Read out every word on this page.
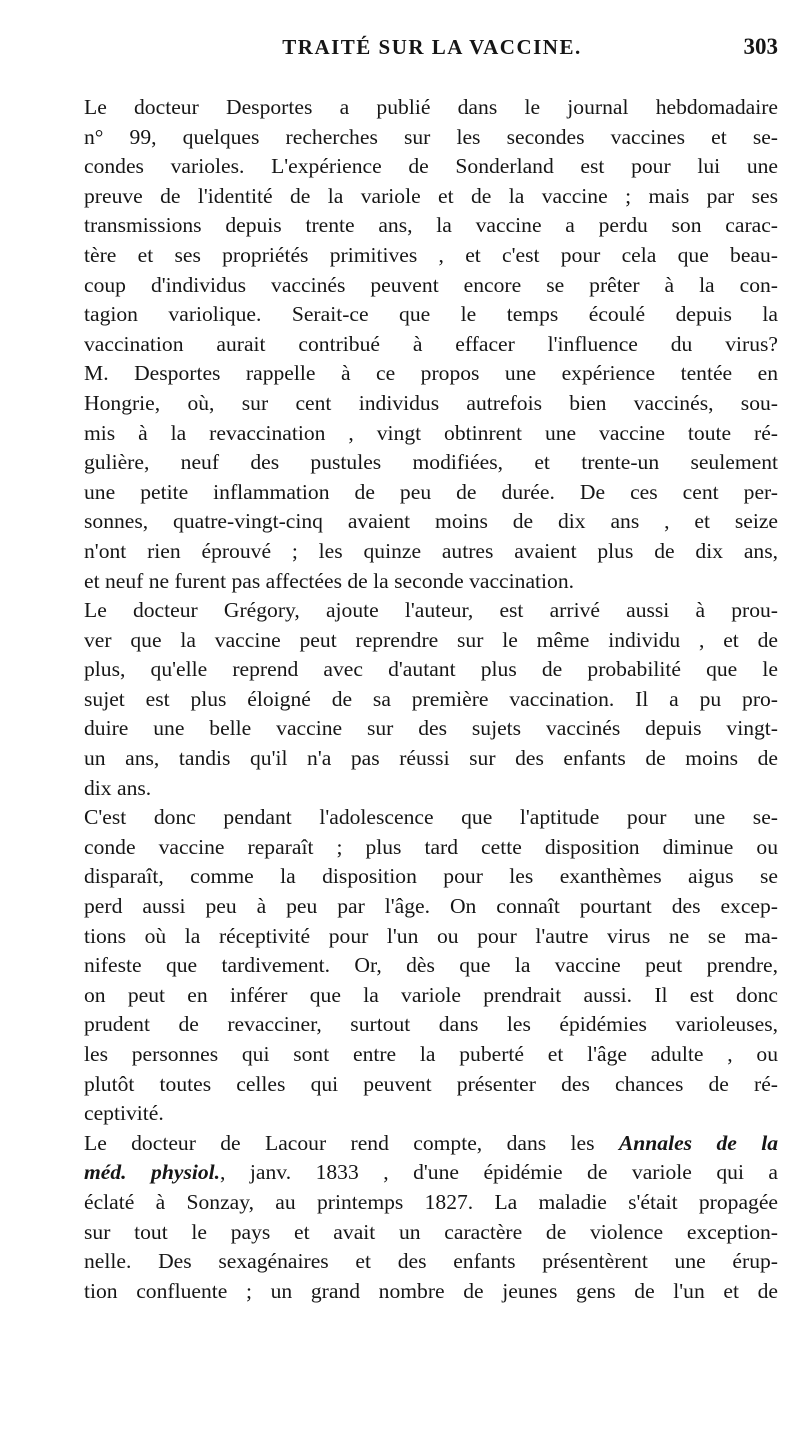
TRAITÉ SUR LA VACCINE.	303
Le docteur Desportes a publié dans le journal hebdomadaire
n° 99, quelques recherches sur les secondes vaccines et se-
condes varioles. L'expérience de Sonderland est pour lui une
preuve de l'identité de la variole et de la vaccine ; mais par ses
transmissions depuis trente ans, la vaccine a perdu son carac-
tère et ses propriétés primitives , et c'est pour cela que beau-
coup d'individus vaccinés peuvent encore se prêter à la con-
tagion variolique. Serait-ce que le temps écoulé depuis la
vaccination aurait contribué à effacer l'influence du virus?
M. Desportes rappelle à ce propos une expérience tentée en
Hongrie, où, sur cent individus autrefois bien vaccinés, sou-
mis à la revaccination , vingt obtinrent une vaccine toute ré-
gulière, neuf des pustules modifiées, et trente-un seulement
une petite inflammation de peu de durée. De ces cent per-
sonnes, quatre-vingt-cinq avaient moins de dix ans , et seize
n'ont rien éprouvé ; les quinze autres avaient plus de dix ans,
et neuf ne furent pas affectées de la seconde vaccination.
Le docteur Grégory, ajoute l'auteur, est arrivé aussi à prou-
ver que la vaccine peut reprendre sur le même individu , et de
plus, qu'elle reprend avec d'autant plus de probabilité que le
sujet est plus éloigné de sa première vaccination. Il a pu pro-
duire une belle vaccine sur des sujets vaccinés depuis vingt-
un ans, tandis qu'il n'a pas réussi sur des enfants de moins de
dix ans.
C'est donc pendant l'adolescence que l'aptitude pour une se-
conde vaccine reparaît ; plus tard cette disposition diminue ou
disparaît, comme la disposition pour les exanthèmes aigus se
perd aussi peu à peu par l'âge. On connaît pourtant des excep-
tions où la réceptivité pour l'un ou pour l'autre virus ne se ma-
nifeste que tardivement. Or, dès que la vaccine peut prendre,
on peut en inférer que la variole prendrait aussi. Il est donc
prudent de revacciner, surtout dans les épidémies varioleuses,
les personnes qui sont entre la puberté et l'âge adulte , ou
plutôt toutes celles qui peuvent présenter des chances de ré-
ceptivité.
Le docteur de Lacour rend compte, dans les Annales de la
méd. physiol., janv. 1833 , d'une épidémie de variole qui a
éclaté à Sonzay, au printemps 1827. La maladie s'était propagée
sur tout le pays et avait un caractère de violence exception-
nelle. Des sexagénaires et des enfants présentèrent une érup-
tion confluente ; un grand nombre de jeunes gens de l'un et de
